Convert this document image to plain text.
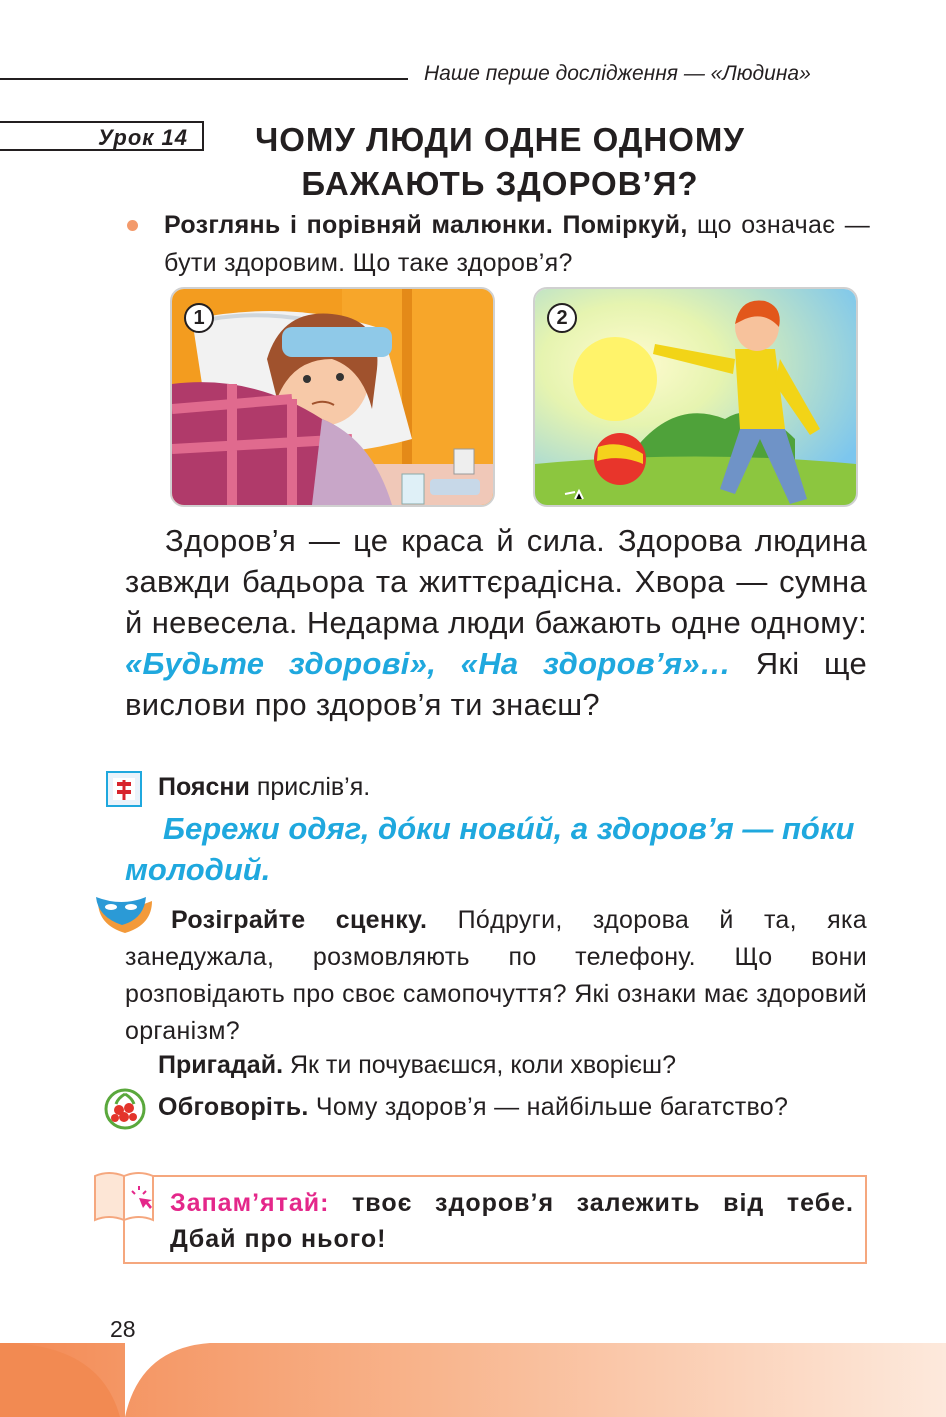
Наше перше дослідження — «Людина»
Урок 14	ЧОМУ ЛЮДИ ОДНЕ ОДНОМУ
БАЖАЮТЬ ЗДОРОВ’Я?
Розглянь і порівняй малюнки. Поміркуй, що означає — бути здоровим. Що таке здоров’я?
1	2
Здоров’я — це краса й сила. Здорова людина завжди бадьора та життєрадісна. Хвора — сумна й невесела. Недарма люди бажають одне одному: «Будьте здорові», «На здоров’я»… Які ще вислови про здоров’я ти знаєш?
Поясни прислів’я.
Бережи одяг, дóки новúй, а здоров’я — пóки молодий.
Розіграйте сценку. Пóдруги, здорова й та, яка занедужала, розмовляють по телефону. Що вони розповідають про своє самопочуття? Які ознаки має здоровий організм?
Пригадай. Як ти почуваєшся, коли хворієш?
Обговоріть. Чому здоров’я — найбільше багатство?
Запам’ятай: твоє здоров’я залежить від тебе. Дбай про нього!
28
